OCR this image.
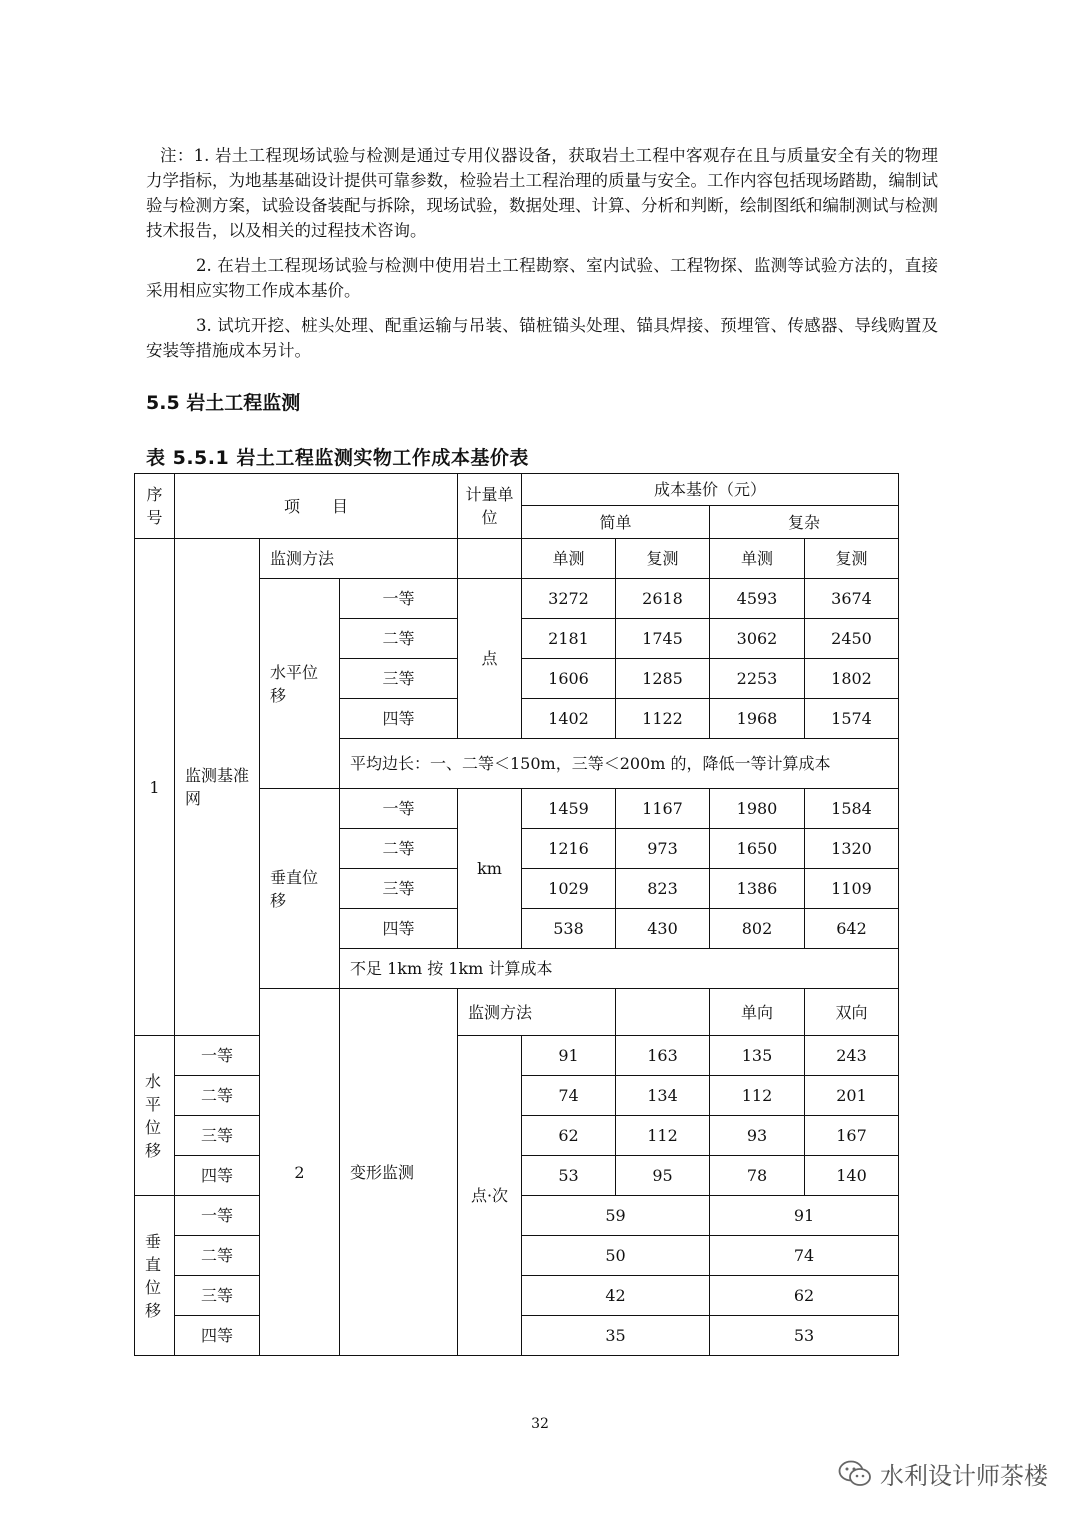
注：1. 岩土工程现场试验与检测是通过专用仪器设备，获取岩土工程中客观存在且与质量安全有关的物理力学指标，为地基基础设计提供可靠参数，检验岩土工程治理的质量与安全。工作内容包括现场踏勘，编制试验与检测方案，试验设备装配与拆除，现场试验，数据处理、计算、分析和判断，绘制图纸和编制测试与检测技术报告，以及相关的过程技术咨询。

2. 在岩土工程现场试验与检测中使用岩土工程勘察、室内试验、工程物探、监测等试验方法的，直接采用相应实物工作成本基价。

3. 试坑开挖、桩头处理、配重运输与吊装、锚桩锚头处理、锚具焊接、预埋管、传感器、导线购置及安装等措施成本另计。

5.5 岩土工程监测
表 5.5.1 岩土工程监测实物工作成本基价表
序号	项　　目			计量单位	成本基价（元）				
					简单		复杂		
1	监测基准网	监测方法			单测	复测	单测	复测	
		水平位移	一等	点	3272	2618	4593	3674	
			二等		2181	1745	3062	2450	
			三等		1606	1285	2253	1802	
			四等		1402	1122	1968	1574	
			平均边长：一、二等＜150m，三等＜200m 的，降低一等计算成本						
		垂直位移	一等	km	1459	1167	1980	1584	
			二等		1216	973	1650	1320	
			三等		1029	823	1386	1109	
			四等		538	430	802	642	
			不足 1km 按 1km 计算成本						
		2	变形监测	监测方法			单向	双向		
水平位移	一等			点·次	91	163	135	243	
	二等				74	134	112	201	
	三等				62	112	93	167	
	四等				53	95	78	140	
垂直位移	一等				59		91		
	二等				50		74		
	三等				42		62		
	四等				35		53		
32
水利设计师茶楼
